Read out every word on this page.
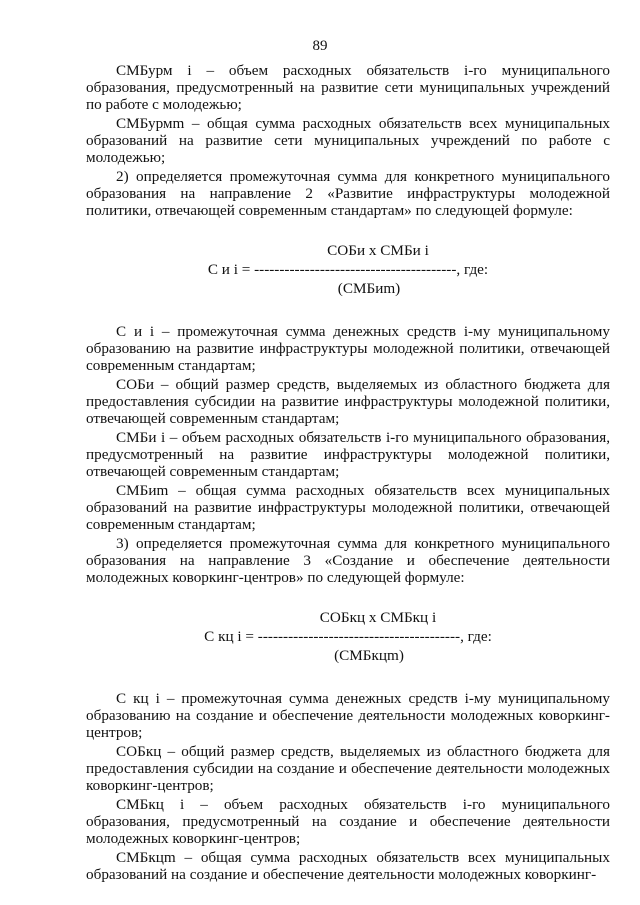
89

СМБурм i – объем расходных обязательств i-го муниципального образования, предусмотренный на развитие сети муниципальных учреждений по работе с молодежью;

СМБурмm – общая сумма расходных обязательств всех муниципальных образований на развитие сети муниципальных учреждений по работе с молодежью;

2) определяется промежуточная сумма для конкретного муниципального образования на направление 2 «Развитие инфраструктуры молодежной политики, отвечающей современным стандартам» по следующей формуле:

СОБи х СМБи i
С и i = ----------------------------------------, где:
(СМБиm)

С и i – промежуточная сумма денежных средств i-му муниципальному образованию на развитие инфраструктуры молодежной политики, отвечающей современным стандартам;

СОБи – общий размер средств, выделяемых из областного бюджета для предоставления субсидии на развитие инфраструктуры молодежной политики, отвечающей современным стандартам;

СМБи i – объем расходных обязательств i-го муниципального образования, предусмотренный на развитие инфраструктуры молодежной политики, отвечающей современным стандартам;

СМБиm – общая сумма расходных обязательств всех муниципальных образований на развитие инфраструктуры молодежной политики, отвечающей современным стандартам;

3) определяется промежуточная сумма для конкретного муниципального образования на направление 3 «Создание и обеспечение деятельности молодежных коворкинг-центров» по следующей формуле:

СОБкц х СМБкц i
С кц i = ----------------------------------------, где:
(СМБкцm)

С кц i – промежуточная сумма денежных средств i-му муниципальному образованию на создание и обеспечение деятельности молодежных коворкинг-центров;

СОБкц – общий размер средств, выделяемых из областного бюджета для предоставления субсидии на создание и обеспечение деятельности молодежных коворкинг-центров;

СМБкц i – объем расходных обязательств i-го муниципального образования, предусмотренный на создание и обеспечение деятельности молодежных коворкинг-центров;

СМБкцm – общая сумма расходных обязательств всех муниципальных образований на создание и обеспечение деятельности молодежных коворкинг-
